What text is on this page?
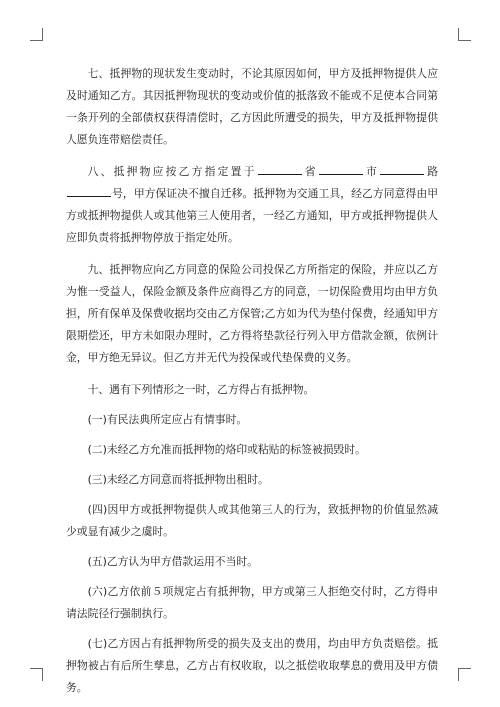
七、抵押物的现状发生变动时，不论其原因如何，甲方及抵押物提供人应及时通知乙方。其因抵押物现状的变动或价值的抵落致不能或不足使本合同第一条开列的全部债权获得清偿时，乙方因此所遭受的损失，甲方及抵押物提供人愿负连带赔偿责任。

八、抵押物应按乙方指定置于	省	市	路号，甲方保证决不擅自迁移。抵押物为交通工具，经乙方同意得由甲方或抵押物提供人或其他第三人使用者，一经乙方通知，甲方或抵押物提供人应即负责将抵押物停放于指定处所。

九、抵押物应向乙方同意的保险公司投保乙方所指定的保险，并应以乙方为惟一受益人，保险金额及条件应商得乙方的同意，一切保险费用均由甲方负担，所有保单及保费收据均交由乙方保管;乙方如为代为垫付保费，经通知甲方限期偿还，甲方未如限办理时，乙方得将垫款径行列入甲方借款金额，依例计金，甲方绝无异议。但乙方并无代为投保或代垫保费的义务。

十、遇有下列情形之一时，乙方得占有抵押物。

(一)有民法典所定应占有情事时。

(二)未经乙方允准而抵押物的烙印或粘贴的标签被损毁时。

(三)未经乙方同意而将抵押物出租时。

(四)因甲方或抵押物提供人或其他第三人的行为，致抵押物的价值显然减少或显有减少之虞时。

(五)乙方认为甲方借款运用不当时。

(六)乙方依前５项规定占有抵押物，甲方或第三人拒绝交付时，乙方得申请法院径行强制执行。

(七)乙方因占有抵押物所受的损失及支出的费用，均由甲方负责赔偿。抵押物被占有后所生孳息，乙方占有权收取，以之抵偿收取孳息的费用及甲方债务。
